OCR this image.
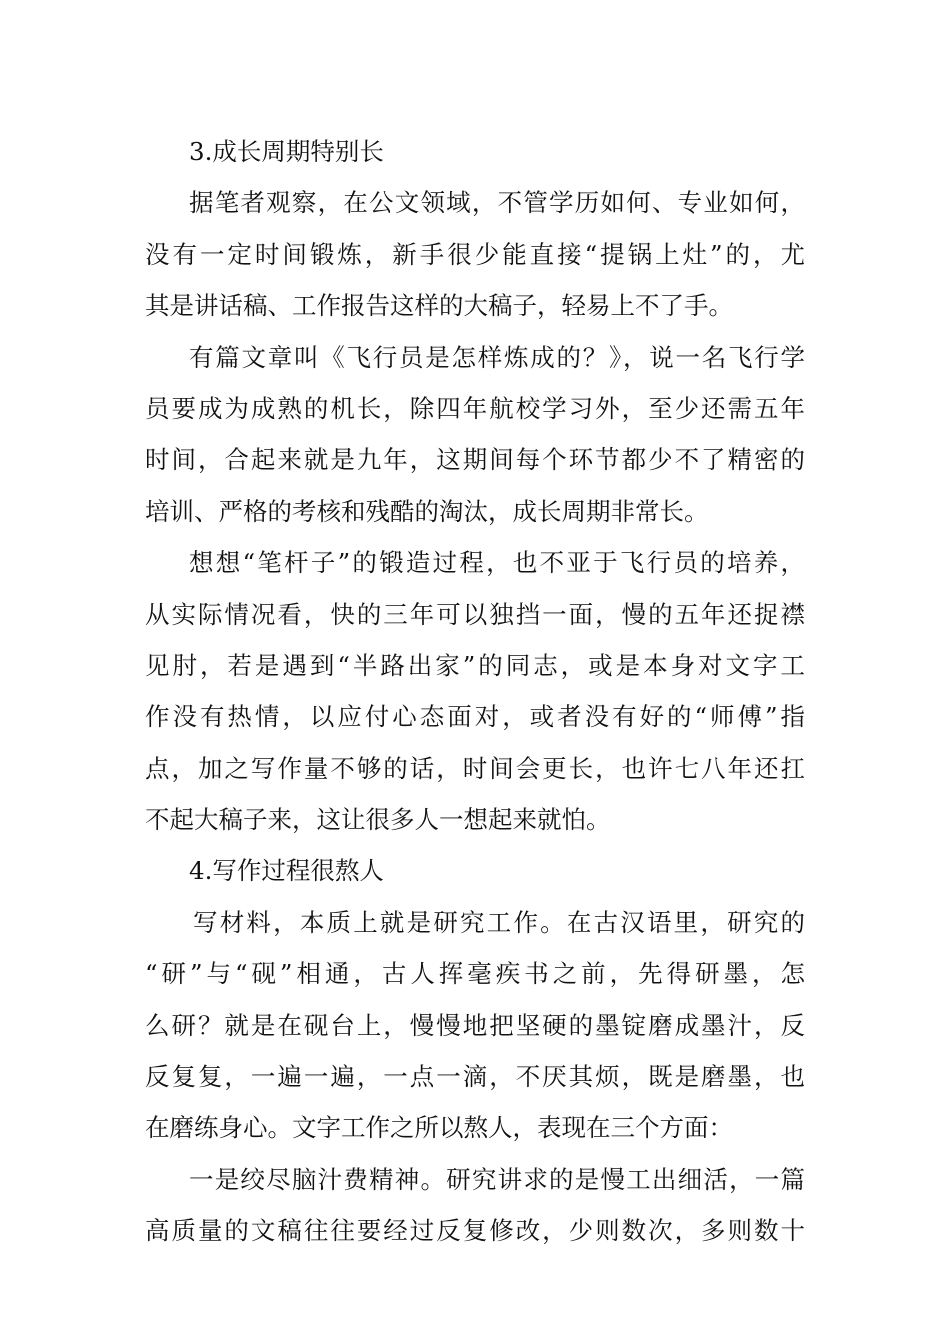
3.成长周期特别长
据笔者观察，在公文领域，不管学历如何、专业如何，
没有一定时间锻炼，新手很少能直接“提锅上灶”的，尤
其是讲话稿、工作报告这样的大稿子，轻易上不了手。
有篇文章叫《飞行员是怎样炼成的？》，说一名飞行学
员要成为成熟的机长，除四年航校学习外，至少还需五年
时间，合起来就是九年，这期间每个环节都少不了精密的
培训、严格的考核和残酷的淘汰，成长周期非常长。
想想“笔杆子”的锻造过程，也不亚于飞行员的培养，
从实际情况看，快的三年可以独挡一面，慢的五年还捉襟
见肘，若是遇到“半路出家”的同志，或是本身对文字工
作没有热情，以应付心态面对，或者没有好的“师傅”指
点，加之写作量不够的话，时间会更长，也许七八年还扛
不起大稿子来，这让很多人一想起来就怕。
4.写作过程很熬人
写材料，本质上就是研究工作。在古汉语里，研究的
“研”与“砚”相通，古人挥毫疾书之前，先得研墨，怎
么研？就是在砚台上，慢慢地把坚硬的墨锭磨成墨汁，反
反复复，一遍一遍，一点一滴，不厌其烦，既是磨墨，也
在磨练身心。文字工作之所以熬人，表现在三个方面：
一是绞尽脑汁费精神。研究讲求的是慢工出细活，一篇
高质量的文稿往往要经过反复修改，少则数次，多则数十
